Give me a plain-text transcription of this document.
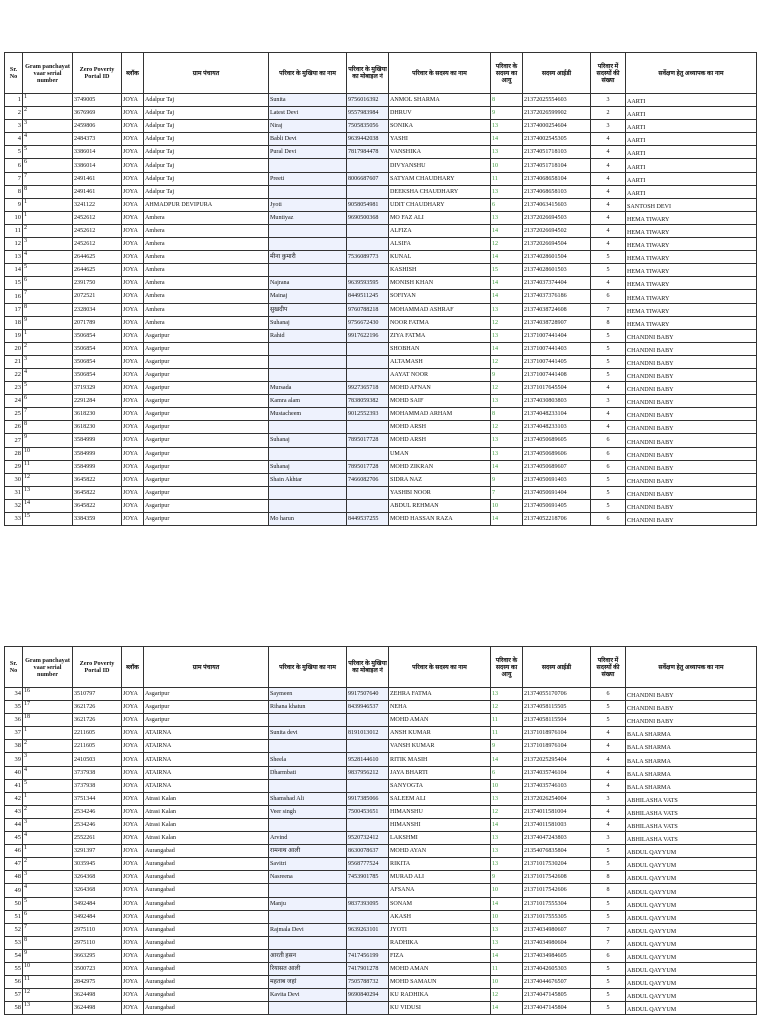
Sr. No	Gram panchayat vaar serial number	Zero Poverty Portal ID	ब्लॉक	ग्राम पंचायत	परिवार के मुखिया का नाम	परिवार के मुखिया का मोबाइल नं	परिवार के सदस्य का नाम	परिवार के सदस्य का आयु	सदस्य आईडी	परिवार में सदस्यों की संख्या	सर्वेक्षण हेतु अध्यापक का नाम
1	1	3749005	JOYA	Adalpur Taj	Sunita	9756016392	ANMOL SHARMA	8	21372025554603	3	AARTI
2	2	3676969	JOYA	Adalpur Taj	Latest Devi	9557983984	DHRUV	9	21372026599902	2	AARTI
3	3	2459806	JOYA	Adalpur Taj	Niraj	7505835056	SONIKA	13	21374000254604	3	AARTI
4	4	2484373	JOYA	Adalpur Taj	Babli Devi	9639442038	YASHI	14	21374002545305	4	AARTI
5	5	3386014	JOYA	Adalpur Taj	Pural Devi	7817984478	VANSHIKA	13	21374051718103	4	AARTI
6	6	3386014	JOYA	Adalpur Taj			DIVYANSHU	10	21374051718104	4	AARTI
7	7	2491461	JOYA	Adalpur Taj	Preeti	8006687607	SATYAM CHAUDHARY	11	21374068658104	4	AARTI
8	8	2491461	JOYA	Adalpur Taj			DEEKSHA CHAUDHARY	13	21374068658103	4	AARTI
9	1	3241122	JOYA	AHMADPUR DEVIPURA	Jyoti	9058054981	UDIT CHAUDHARY	6	21374063415603	4	SANTOSH DEVI
10	1	2452612	JOYA	Amhera	Muntiyaz	9690500368	MO FAZ ALI	13	21372026694503	4	HEMA TIWARY
11	2	2452612	JOYA	Amhera			ALFIZA	14	21372026694502	4	HEMA TIWARY
12	3	2452612	JOYA	Amhera			ALSIFA	12	21372026694504	4	HEMA TIWARY
13	4	2644625	JOYA	Amhera	मीना कुमारी	7536089773	KUNAL	14	21374028601504	5	HEMA TIWARY
14	5	2644625	JOYA	Amhera			KASHISH	15	21374028601503	5	HEMA TIWARY
15	6	2391750	JOYA	Amhera	Najrana	9639593595	MONISH KHAN	14	21374037374404	4	HEMA TIWARY
16	7	2072521	JOYA	Amhera	Mainaj	8449511245	SOFIYAN	14	21374037376186	6	HEMA TIWARY
17	8	2328034	JOYA	Amhera	सुखदीप	9760788218	MOHAMMAD ASHRAF	13	21374038724608	7	HEMA TIWARY
18	9	2071789	JOYA	Amhera	Suhanaj	9756672430	NOOR FATMA	12	21374038728907	8	HEMA TIWARY
19	1	3506854	JOYA	Asgaripur	Rahid	9917622196	ZIYA FATMA	13	21371007441404	5	CHANDNI BABY
20	2	3506854	JOYA	Asgaripur			SHOBHAN	14	21371007441403	5	CHANDNI BABY
21	3	3506854	JOYA	Asgaripur			ALTAMASH	12	21371007441405	5	CHANDNI BABY
22	4	3506854	JOYA	Asgaripur			AAYAT NOOR	9	21371007441408	5	CHANDNI BABY
23	5	3719329	JOYA	Asgaripur	Mursada	9927365718	MOHD AFNAN	12	21371017645504	4	CHANDNI BABY
24	6	2291284	JOYA	Asgaripur	Kamra alam	7838059382	MOHD SAIF	13	21374030803803	3	CHANDNI BABY
25	7	3618230	JOYA	Asgaripur	Mustacheem	9012552393	MOHAMMAD ARHAM	8	21374048233104	4	CHANDNI BABY
26	8	3618230	JOYA	Asgaripur			MOHD ARSH	12	21374048233103	4	CHANDNI BABY
27	9	3584999	JOYA	Asgaripur	Suhanaj	7895017728	MOHD ARSH	13	21374050689605	6	CHANDNI BABY
28	10	3584999	JOYA	Asgaripur			UMAN	13	21374050689606	6	CHANDNI BABY
29	11	3584999	JOYA	Asgaripur	Suhanaj	7895017728	MOHD ZIKRAN	14	21374050689607	6	CHANDNI BABY
30	12	3645822	JOYA	Asgaripur	Shain Akhtar	7466082706	SIDRA NAZ	9	21374050691403	5	CHANDNI BABY
31	13	3645822	JOYA	Asgaripur			YASHBI NOOR	7	21374050691404	5	CHANDNI BABY
32	14	3645822	JOYA	Asgaripur			ABDUL REHMAN	10	21374050691405	5	CHANDNI BABY
33	15	3384359	JOYA	Asgaripur	Mo harun	8449537255	MOHD HASSAN RAZA	14	21374052218706	6	CHANDNI BABY
Sr. No	Gram panchayat vaar serial number	Zero Poverty Portal ID	ब्लॉक	ग्राम पंचायत	परिवार के मुखिया का नाम	परिवार के मुखिया का मोबाइल नं	परिवार के सदस्य का नाम	परिवार के सदस्य का आयु	सदस्य आईडी	परिवार में सदस्यों की संख्या	सर्वेक्षण हेतु अध्यापक का नाम
34	16	3510797	JOYA	Asgaripur	Saymeen	9917507640	ZEHRA FATMA	13	21374055170706	6	CHANDNI BABY
35	17	3621726	JOYA	Asgaripur	Rihana khatun	8439946537	NEHA	12	21374058115505	5	CHANDNI BABY
36	18	3621726	JOYA	Asgaripur			MOHD AMAN	11	21374058115504	5	CHANDNI BABY
37	1	2211605	JOYA	ATAIRNA	Sunita devi	8191013012	ANSH KUMAR	11	21371018976104	4	BALA SHARMA
38	2	2211605	JOYA	ATAIRNA			VANSH KUMAR	9	21371018976104	4	BALA SHARMA
39	3	2410503	JOYA	ATAIRNA	Sheela	9528144610	RITIK MASIH	14	21372025295404	4	BALA SHARMA
40	4	3737938	JOYA	ATAIRNA	Dharmbati	9837956212	JAYA BHARTI	6	21374035746104	4	BALA SHARMA
41	5	3737938	JOYA	ATAIRNA			SANYOGTA	10	21374035746103	4	BALA SHARMA
42	1	3751344	JOYA	Atrasi Kalan	Shamshad Ali	9917385066	SALEEM ALI	13	21372026254004	3	ABHILASHA VATS
43	2	2534246	JOYA	Atrasi Kalan	Veer singh	7500453651	HIMANSHU	12	21374011581004	4	ABHILASHA VATS
44	3	2534246	JOYA	Atrasi Kalan			HIMANSHI	14	21374011581003	4	ABHILASHA VATS
45	4	2552261	JOYA	Atrasi Kalan	Arvind	9520732412	LAKSHMI	13	21374047243803	3	ABHILASHA VATS
46	1	3291397	JOYA	Aurangabad	रामनाथ आली	8630078637	MOHD AYAN	13	21354076835804	5	ABDUL QAYYUM
47	2	3035945	JOYA	Aurangabad	Savitri	9568777524	RIKITA	13	21371017530204	5	ABDUL QAYYUM
48	3	3264368	JOYA	Aurangabad	Nasreena	7453901785	MURAD ALI	9	21371017542608	8	ABDUL QAYYUM
49	4	3264368	JOYA	Aurangabad			AFSANA	10	21371017542606	8	ABDUL QAYYUM
50	5	3492484	JOYA	Aurangabad	Manju	9837393095	SONAM	14	21371017555304	5	ABDUL QAYYUM
51	6	3492484	JOYA	Aurangabad			AKASH	10	21371017555305	5	ABDUL QAYYUM
52	7	2975110	JOYA	Aurangabad	Rajmala Devi	9639263101	JYOTI	13	21374034980607	7	ABDUL QAYYUM
53	8	2975110	JOYA	Aurangabad			RADHIKA	13	21374034980604	7	ABDUL QAYYUM
54	9	3663295	JOYA	Aurangabad	आरती हसन	7417456199	FIZA	14	21374034984605	6	ABDUL QAYYUM
55	10	3500723	JOYA	Aurangabad	रियासत आली	7417901278	MOHD AMAN	11	21374042605303	5	ABDUL QAYYUM
56	11	2842975	JOYA	Aurangabad	महताब जहां	7505788732	MOHD SAMAUN	10	21374044676507	5	ABDUL QAYYUM
57	12	3624498	JOYA	Aurangabad	Kavita Devi	9690840294	KU RADHIKA	12	21374047145805	5	ABDUL QAYYUM
58	13	3624498	JOYA	Aurangabad			KU VIDUSI	14	21374047145804	5	ABDUL QAYYUM
